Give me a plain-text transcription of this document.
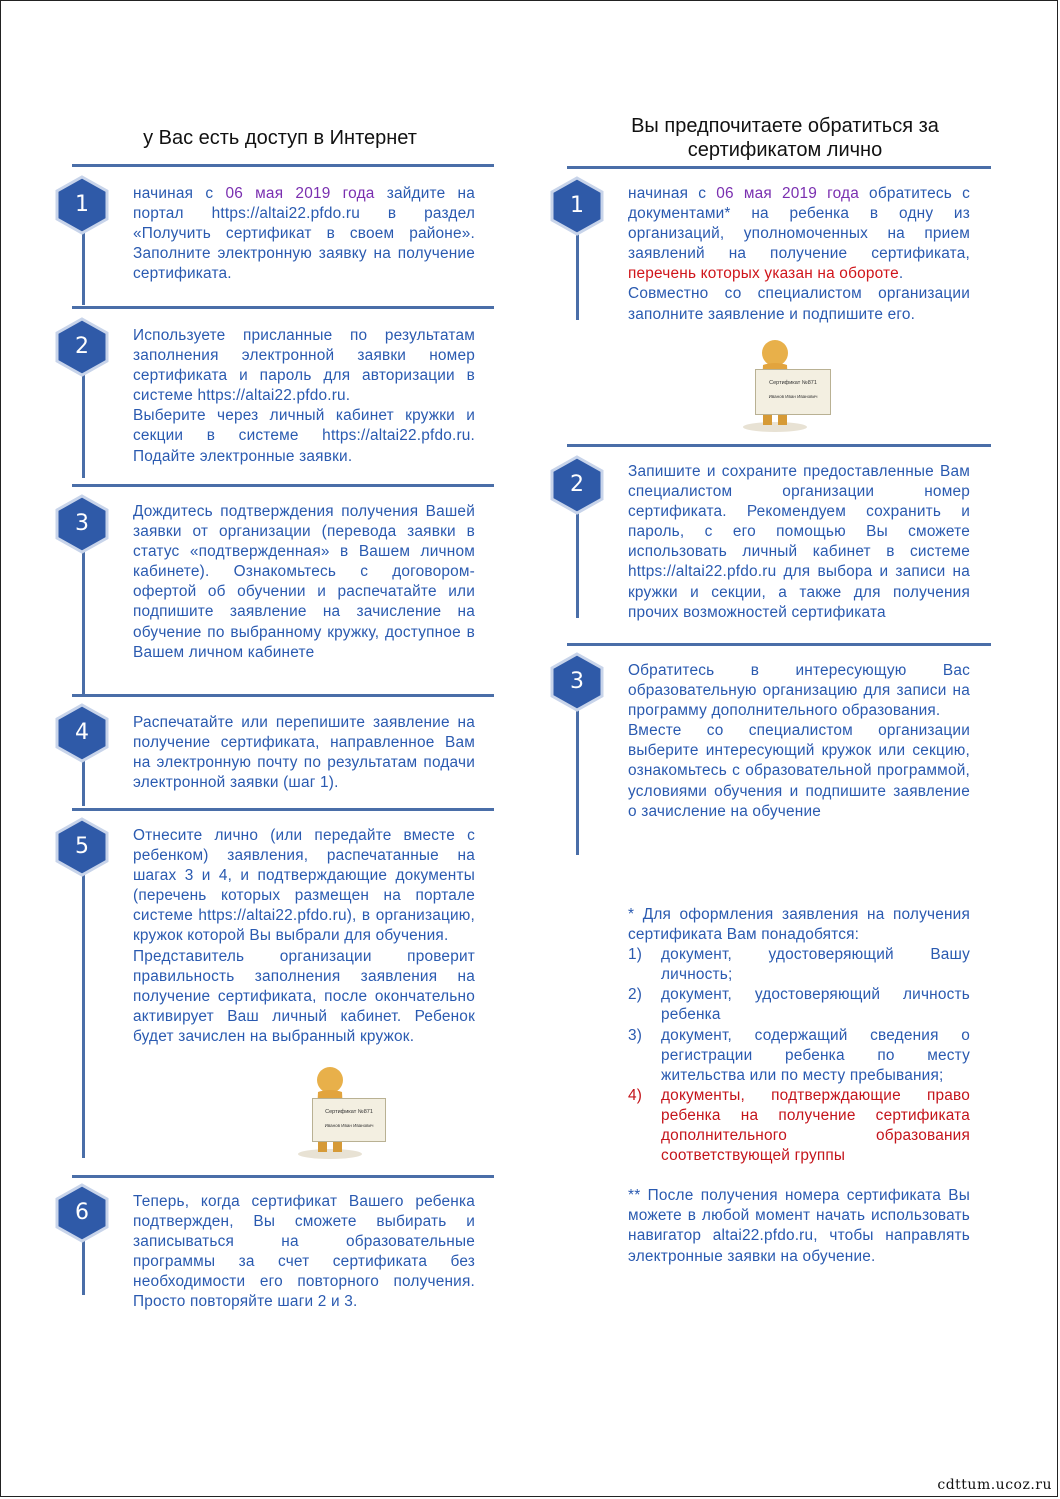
у Вас есть доступ в Интернет
Вы предпочитаете обратиться за
сертификатом лично
1	начиная с 06 мая 2019 года зайдите на портал https://altai22.pfdo.ru в раздел «Получить сертификат в своем районе». Заполните электронную заявку на получение сертификата.

2	Используете присланные по результатам заполнения электронной заявки номер сертификата и пароль для авторизации в системе https://altai22.pfdo.ru.

Выберите через личный кабинет кружки и секции в системе https://altai22.pfdo.ru. Подайте электронные заявки.

3	Дождитесь подтверждения получения Вашей заявки от организации (перевода заявки в статус «подтвержденная» в Вашем личном кабинете). Ознакомьтесь с договором-офертой об обучении и распечатайте или подпишите заявление на зачисление на обучение по выбранному кружку, доступное в Вашем личном кабинете

4	Распечатайте или перепишите заявление на получение сертификата, направленное Вам на электронную почту по результатам подачи электронной заявки (шаг 1).

5	Отнесите лично (или передайте вместе с ребенком) заявления, распечатанные на шагах 3 и 4, и подтверждающие документы (перечень которых размещен на портале системе https://altai22.pfdo.ru), в организацию, кружок которой Вы выбрали для обучения.

Представитель организации проверит правильность заполнения заявления на получение сертификата, после окончательно активирует Ваш личный кабинет. Ребенок будет зачислен на выбранный кружок.

Сертификат №871
Иванов Иван Иванович
6	Теперь, когда сертификат Вашего ребенка подтвержден, Вы сможете выбирать и записываться на образовательные программы за счет сертификата без необходимости его повторного получения. Просто повторяйте шаги 2 и 3.

1	начиная с 06 мая 2019 года обратитесь с документами* на ребенка в одну из организаций, уполномоченных на прием заявлений на получение сертификата, перечень которых указан на обороте.

Совместно со специалистом организации заполните заявление и подпишите его.

Сертификат №871
Иванов Иван Иванович
2

Запишите и сохраните предоставленные Вам специалистом организации номер сертификата. Рекомендуем сохранить и пароль, с его помощью Вы сможете использовать личный кабинет в системе https://altai22.pfdo.ru для выбора и записи на кружки и секции, а также для получения прочих возможностей сертификата

3	Обратитесь в интересующую Вас образовательную организацию для записи на программу дополнительного образования.

Вместе со специалистом организации выберите интересующий кружок или секцию, ознакомьтесь с образовательной программой, условиями обучения и подпишите заявление о зачисление на обучение

* Для оформления заявления на получения сертификата Вам понадобятся:

1) документ, удостоверяющий Вашу личность;
2) документ, удостоверяющий личность ребенка
3) документ, содержащий сведения о регистрации ребенка по месту жительства или по месту пребывания;
4) документы, подтверждающие право ребенка на получение сертификата дополнительного образования соответствующей группы

** После получения номера сертификата Вы можете в любой момент начать использовать навигатор altai22.pfdo.ru, чтобы направлять электронные заявки на обучение.

cdttum.ucoz.ru
